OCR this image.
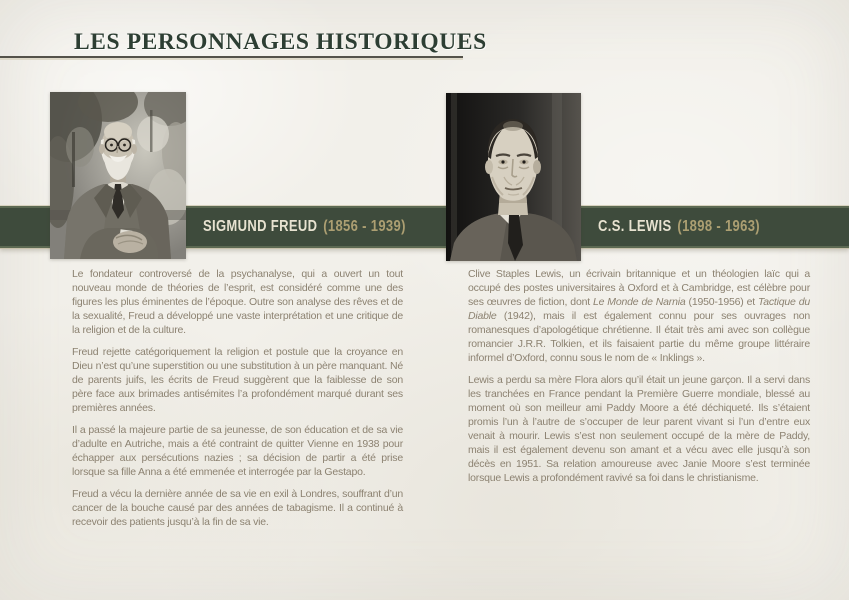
LES PERSONNAGES HISTORIQUES
SIGMUND FREUD (1856 - 1939)	C.S. LEWIS (1898 - 1963)

Le fondateur controversé de la psychanalyse, qui a ouvert un tout nouveau monde de théories de l’esprit, est considéré comme une des figures les plus éminentes de l’époque. Outre son analyse des rêves et de la sexualité, Freud a développé une vaste interprétation et une critique de la religion et de la culture.

Freud rejette catégoriquement la religion et postule que la croyance en Dieu n’est qu’une superstition ou une substitution à un père manquant. Né de parents juifs, les écrits de Freud suggèrent que la faiblesse de son père face aux brimades antisémites l’a profondément marqué durant ses premières années.

Il a passé la majeure partie de sa jeunesse, de son éducation et de sa vie d’adulte en Autriche, mais a été contraint de quitter Vienne en 1938 pour échapper aux persécutions nazies ; sa décision de partir a été prise lorsque sa fille Anna a été emmenée et interrogée par la Gestapo.

Freud a vécu la dernière année de sa vie en exil à Londres, souffrant d’un cancer de la bouche causé par des années de tabagisme. Il a continué à recevoir des patients jusqu’à la fin de sa vie.

Clive Staples Lewis, un écrivain britannique et un théologien laïc qui a occupé des postes universitaires à Oxford et à Cambridge, est célèbre pour ses œuvres de fiction, dont Le Monde de Narnia (1950-1956) et Tactique du Diable (1942), mais il est également connu pour ses ouvrages non romanesques d’apologétique chrétienne. Il était très ami avec son collègue romancier J.R.R. Tolkien, et ils faisaient partie du même groupe littéraire informel d’Oxford, connu sous le nom de « Inklings ».

Lewis a perdu sa mère Flora alors qu’il était un jeune garçon. Il a servi dans les tranchées en France pendant la Première Guerre mondiale, blessé au moment où son meilleur ami Paddy Moore a été déchiqueté. Ils s’étaient promis l’un à l’autre de s’occuper de leur parent vivant si l’un d’entre eux venait à mourir. Lewis s’est non seulement occupé de la mère de Paddy, mais il est également devenu son amant et a vécu avec elle jusqu’à son décès en 1951. Sa relation amoureuse avec Janie Moore s’est terminée lorsque Lewis a profondément ravivé sa foi dans le christianisme.
